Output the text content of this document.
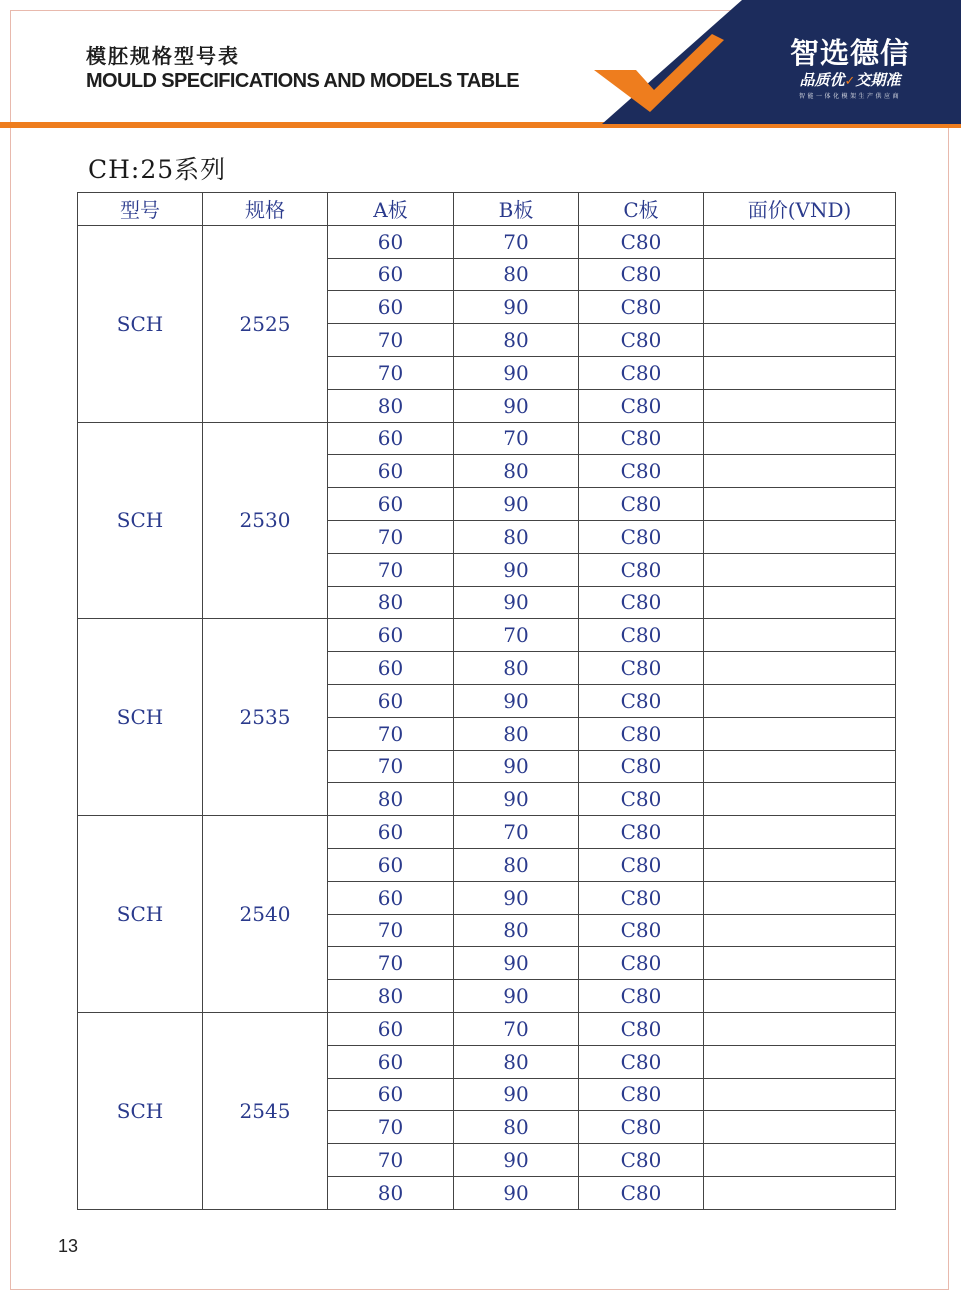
模胚规格型号表
MOULD SPECIFICATIONS AND MODELS TABLE
智选德信
品质优✓交期准
智能一体化模架生产供应商
CH:25系列
型号	规格	A板	B板	C板	面价(VND)
SCH	2525	60	70	C80	
		60	80	C80	
		60	90	C80	
		70	80	C80	
		70	90	C80	
		80	90	C80	
SCH	2530	60	70	C80	
		60	80	C80	
		60	90	C80	
		70	80	C80	
		70	90	C80	
		80	90	C80	
SCH	2535	60	70	C80	
		60	80	C80	
		60	90	C80	
		70	80	C80	
		70	90	C80	
		80	90	C80	
SCH	2540	60	70	C80	
		60	80	C80	
		60	90	C80	
		70	80	C80	
		70	90	C80	
		80	90	C80	
SCH	2545	60	70	C80	
		60	80	C80	
		60	90	C80	
		70	80	C80	
		70	90	C80	
		80	90	C80	
13
